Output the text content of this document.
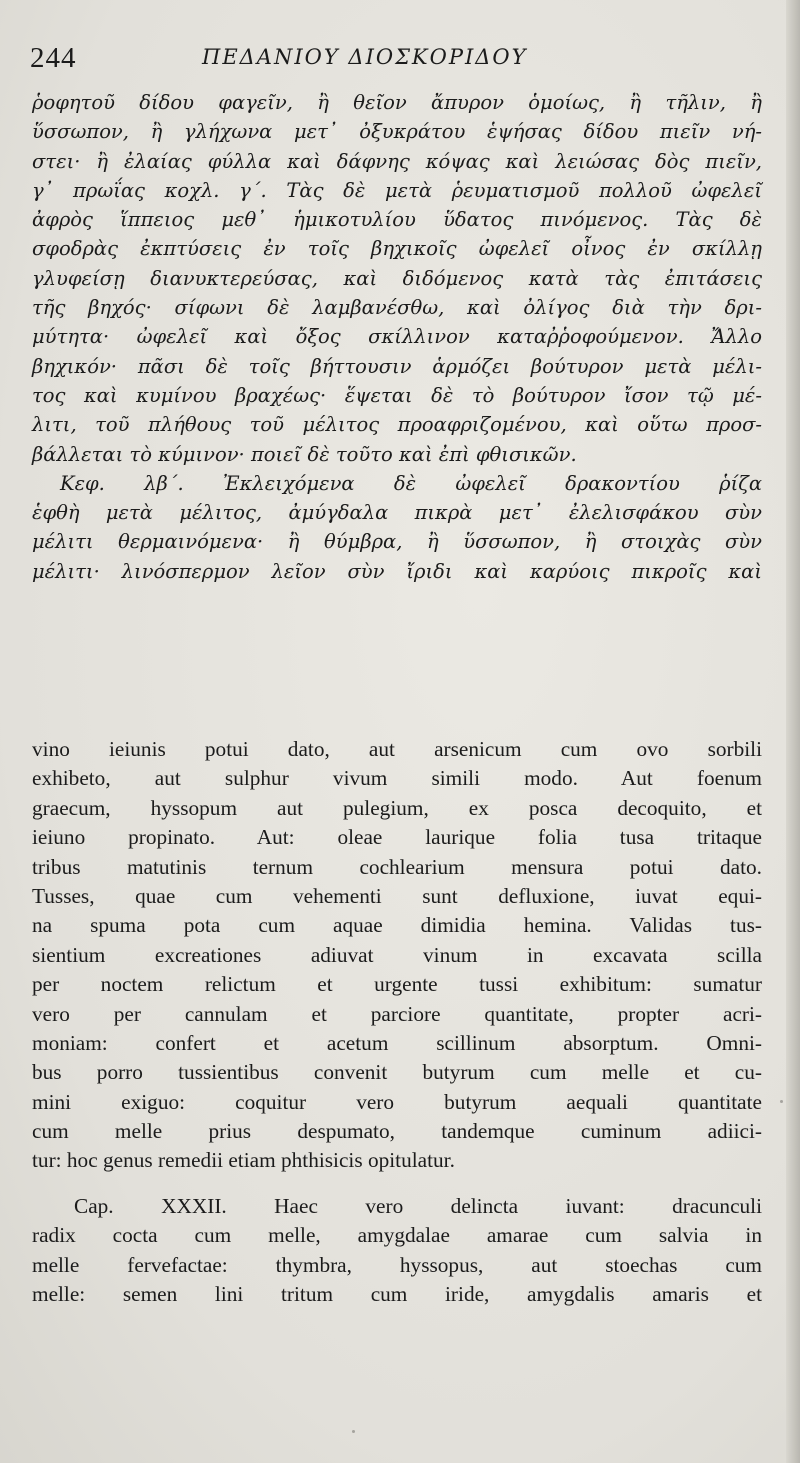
244	ΠΕΔΑΝΙΟΥ ΔΙΟΣΚΟΡΙΔΟΥ
ῥοφητοῦ δίδου φαγεῖν, ἢ θεῖον ἄπυρον ὁμοίως, ἢ τῆλιν, ἢ
ὕσσωπον, ἢ γλήχωνα μετ᾽ ὀξυκράτου ἑψήσας δίδου πιεῖν νή-
στει· ἢ ἐλαίας φύλλα καὶ δάφνης κόψας καὶ λειώσας δὸς πιεῖν,
γ᾽ πρωΐας κοχλ. γ΄. Τὰς δὲ μετὰ ῥευματισμοῦ πολλοῦ ὠφελεῖ
ἀφρὸς ἵππειος μεθ᾽ ἡμικοτυλίου ὕδατος πινόμενος. Τὰς δὲ
σφοδρὰς ἐκπτύσεις ἐν τοῖς βηχικοῖς ὠφελεῖ οἶνος ἐν σκίλλῃ
γλυφείσῃ διανυκτερεύσας, καὶ διδόμενος κατὰ τὰς ἐπιτάσεις
τῆς βηχός· σίφωνι δὲ λαμβανέσθω, καὶ ὀλίγος διὰ τὴν δρι-
μύτητα· ὠφελεῖ καὶ ὄξος σκίλλινον καταῤῥοφούμενον. Ἄλλο
βηχικόν· πᾶσι δὲ τοῖς βήττουσιν ἁρμόζει βούτυρον μετὰ μέλι-
τος καὶ κυμίνου βραχέως· ἕψεται δὲ τὸ βούτυρον ἴσον τῷ μέ-
λιτι, τοῦ πλήθους τοῦ μέλιτος προαφριζομένου, καὶ οὕτω προσ-
βάλλεται τὸ κύμινον· ποιεῖ δὲ τοῦτο καὶ ἐπὶ φθισικῶν.
Κεφ. λβ΄. Ἐκλειχόμενα δὲ ὠφελεῖ δρακοντίου ῥίζα
ἑφθὴ μετὰ μέλιτος, ἀμύγδαλα πικρὰ μετ᾽ ἐλελισφάκου σὺν
μέλιτι θερμαινόμενα· ἢ θύμβρα, ἢ ὕσσωπον, ἢ στοιχὰς σὺν
μέλιτι· λινόσπερμον λεῖον σὺν ἴριδι καὶ καρύοις πικροῖς καὶ
vino ieiunis potui dato, aut arsenicum cum ovo sorbili
exhibeto, aut sulphur vivum simili modo. Aut foenum
graecum, hyssopum aut pulegium, ex posca decoquito, et
ieiuno propinato. Aut: oleae laurique folia tusa tritaque
tribus matutinis ternum cochlearium mensura potui dato.
Tusses, quae cum vehementi sunt defluxione, iuvat equi-
na spuma pota cum aquae dimidia hemina. Validas tus-
sientium excreationes adiuvat vinum in excavata scilla
per noctem relictum et urgente tussi exhibitum: sumatur
vero per cannulam et parciore quantitate, propter acri-
moniam: confert et acetum scillinum absorptum. Omni-
bus porro tussientibus convenit butyrum cum melle et cu-
mini exiguo: coquitur vero butyrum aequali quantitate
cum melle prius despumato, tandemque cuminum adiici-
tur: hoc genus remedii etiam phthisicis opitulatur.
Cap. XXXII. Haec vero delincta iuvant: dracunculi
radix cocta cum melle, amygdalae amarae cum salvia in
melle fervefactae: thymbra, hyssopus, aut stoechas cum
melle: semen lini tritum cum iride, amygdalis amaris et
